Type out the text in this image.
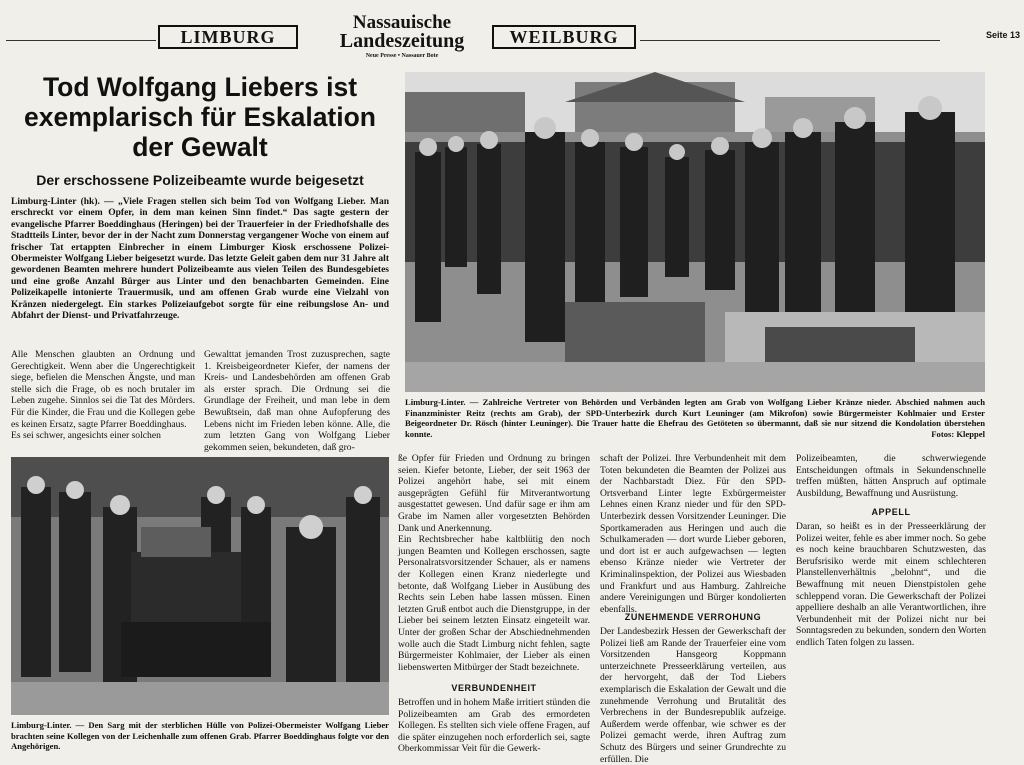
LIMBURG
Nassauische
Landeszeitung
Neue Presse • Nassauer Bote
WEILBURG	Seite 13
Tod Wolfgang Liebers ist exemplarisch für Eskalation der Gewalt
Der erschossene Polizeibeamte wurde beigesetzt
Limburg-Linter (hk). — „Viele Fragen stellen sich beim Tod von Wolfgang Lieber. Man erschreckt vor einem Opfer, in dem man keinen Sinn findet.“ Das sagte gestern der evangelische Pfarrer Boeddinghaus (Heringen) bei der Trauerfeier in der Friedhofshalle des Stadtteils Linter, bevor der in der Nacht zum Donnerstag vergangener Woche von einem auf frischer Tat ertappten Einbrecher in einem Limburger Kiosk erschossene Polizei-Obermeister Wolfgang Lieber beigesetzt wurde. Das letzte Geleit gaben dem nur 31 Jahre alt gewordenen Beamten mehrere hundert Polizeibeamte aus vielen Teilen des Bundesgebietes und eine große Anzahl Bürger aus Linter und den benachbarten Gemeinden. Eine Polizeikapelle intonierte Trauermusik, und am offenen Grab wurde eine Vielzahl von Kränzen niedergelegt. Ein starkes Polizeiaufgebot sorgte für eine reibungslose An- und Abfahrt der Dienst- und Privatfahrzeuge.
Alle Menschen glaubten an Ordnung und Gerechtigkeit. Wenn aber die Ungerechtigkeit siege, befielen die Menschen Ängste, und man stelle sich die Frage, ob es noch brutaler im Leben zugehe. Sinnlos sei die Tat des Mörders. Für die Kinder, die Frau und die Kollegen gebe es keinen Ersatz, sagte Pfarrer Boeddinghaus.
Es sei schwer, angesichts einer solchen
Gewalttat jemanden Trost zuzusprechen, sagte 1. Kreisbeigeordneter Kiefer, der namens der Kreis- und Landesbehörden am offenen Grab als erster sprach. Die Ordnung sei die Grundlage der Freiheit, und man lebe in dem Bewußtsein, daß man ohne Aufopferung des Lebens nicht im Frieden leben könne. Alle, die zum letzten Gang von Wolfgang Lieber gekommen seien, bekundeten, daß gro-
Limburg-Linter. — Zahlreiche Vertreter von Behörden und Verbänden legten am Grab von Wolfgang Lieber Kränze nieder. Abschied nahmen auch Finanzminister Reitz (rechts am Grab), der SPD-Unterbezirk durch Kurt Leuninger (am Mikrofon) sowie Bürgermeister Kohlmaier und Erster Beigeordneter Dr. Rösch (hinter Leuninger). Die Trauer hatte die Ehefrau des Getöteten so übermannt, daß sie nur sitzend die Kondolation überstehen konnte.	Fotos: Kleppel
Limburg-Linter. — Den Sarg mit der sterblichen Hülle von Polizei-Obermeister Wolfgang Lieber brachten seine Kollegen von der Leichenhalle zum offenen Grab. Pfarrer Boeddinghaus folgte vor den Angehörigen.
ße Opfer für Frieden und Ordnung zu bringen seien. Kiefer betonte, Lieber, der seit 1963 der Polizei angehört habe, sei mit einem ausgeprägten Gefühl für Mitverantwortung ausgestattet gewesen. Und dafür sage er ihm am Grabe im Namen aller vorgesetzten Behörden Dank und Anerkennung.
Ein Rechtsbrecher habe kaltblütig den noch jungen Beamten und Kollegen erschossen, sagte Personalratsvorsitzender Schauer, als er namens der Kollegen einen Kranz niederlegte und betonte, daß Wolfgang Lieber in Ausübung des Rechts sein Leben habe lassen müssen. Einen letzten Gruß entbot auch die Dienstgruppe, in der Lieber bei seinem letzten Einsatz eingeteilt war. Unter der großen Schar der Abschiednehmenden wolle auch die Stadt Limburg nicht fehlen, sagte Bürgermeister Kohlmaier, der Lieber als einen liebenswerten Mitbürger der Stadt bezeichnete.
VERBUNDENHEIT
Betroffen und in hohem Maße irritiert stünden die Polizeibeamten am Grab des ermordeten Kollegen. Es stellten sich viele offene Fragen, auf die später einzugehen noch erforderlich sei, sagte Oberkommissar Veit für die Gewerk-
schaft der Polizei. Ihre Verbundenheit mit dem Toten bekundeten die Beamten der Polizei aus der Nachbarstadt Diez. Für den SPD-Ortsverband Linter legte Exbürgermeister Lehnes einen Kranz nieder und für den SPD-Unterbezirk dessen Vorsitzender Leuninger. Die Sportkameraden aus Heringen und auch die Schulkameraden — dort wurde Lieber geboren, und dort ist er auch aufgewachsen — legten ebenso Kränze nieder wie Vertreter der Kriminalinspektion, der Polizei aus Wiesbaden und Frankfurt und aus Hamburg. Zahlreiche andere Vereinigungen und Bürger kondolierten ebenfalls.
ZUNEHMENDE VERROHUNG
Der Landesbezirk Hessen der Gewerkschaft der Polizei ließ am Rande der Trauerfeier eine vom Vorsitzenden Hansgeorg Koppmann unterzeichnete Presseerklärung verteilen, aus der hervorgeht, daß der Tod Liebers exemplarisch die Eskalation der Gewalt und die zunehmende Verrohung und Brutalität des Verbrechens in der Bundesrepublik aufzeige. Außerdem werde offenbar, wie schwer es der Polizei gemacht werde, ihren Auftrag zum Schutz des Bürgers und seiner Grundrechte zu erfüllen. Die
Polizeibeamten, die schwerwiegende Entscheidungen oftmals in Sekundenschnelle treffen müßten, hätten Anspruch auf optimale Ausbildung, Bewaffnung und Ausrüstung.
APPELL
Daran, so heißt es in der Presseerklärung der Polizei weiter, fehle es aber immer noch. So gebe es noch keine brauchbaren Schutzwesten, das Berufsrisiko werde mit einem schlechteren Planstellenverhältnis „belohnt“, und die Bewaffnung mit neuen Dienstpistolen gehe schleppend voran. Die Gewerkschaft der Polizei appelliere deshalb an alle Verantwortlichen, ihre Verbundenheit mit der Polizei nicht nur bei Sonntagsreden zu bekunden, sondern den Worten endlich Taten folgen zu lassen.
